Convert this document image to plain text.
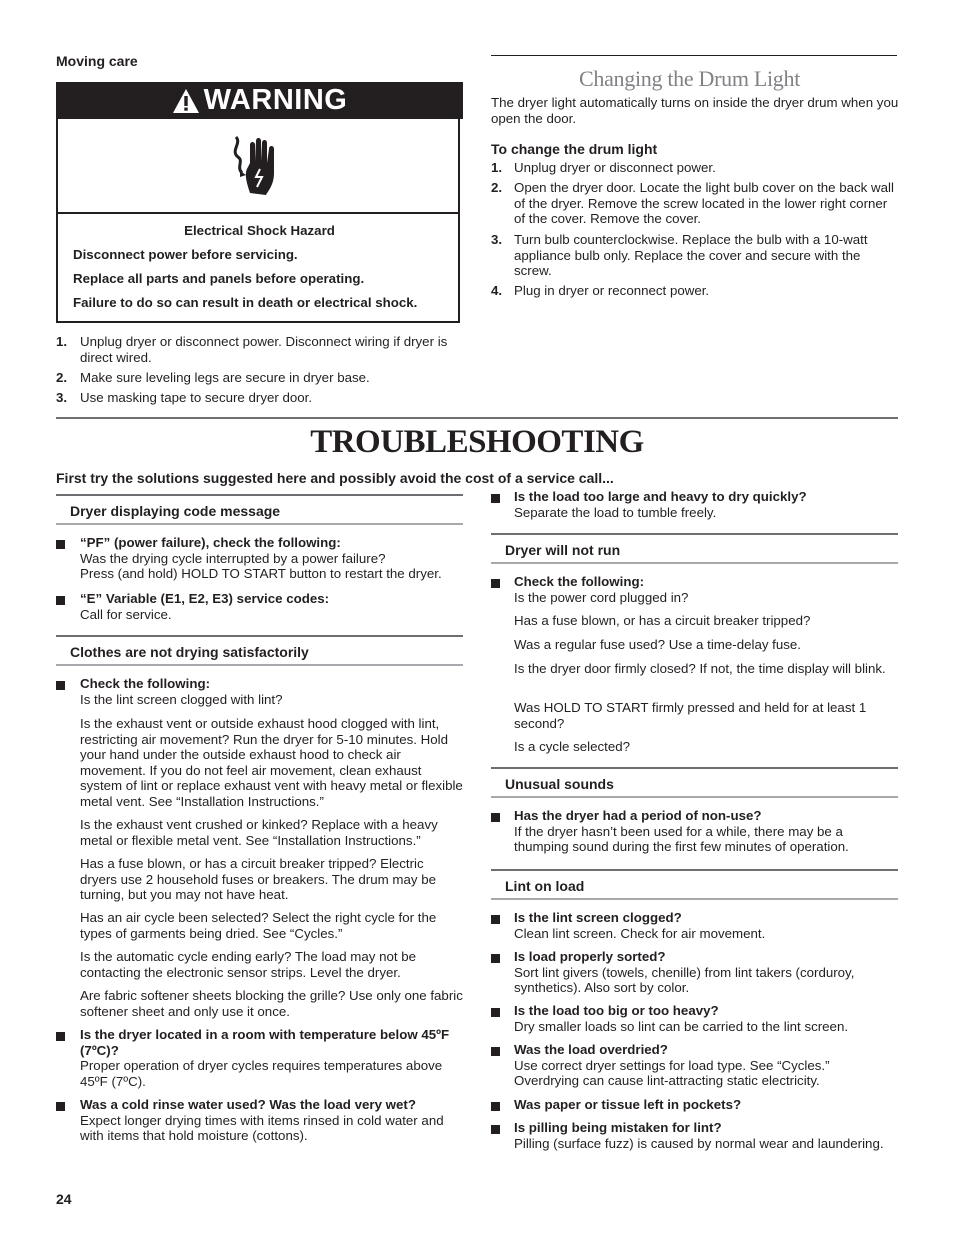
Moving care
WARNING
Electrical Shock Hazard
Disconnect power before servicing.
Replace all parts and panels before operating.
Failure to do so can result in death or electrical shock.
1. Unplug dryer or disconnect power. Disconnect wiring if dryer is direct wired.
2. Make sure leveling legs are secure in dryer base.
3. Use masking tape to secure dryer door.
Changing the Drum Light
The dryer light automatically turns on inside the dryer drum when you open the door.
To change the drum light
1. Unplug dryer or disconnect power.
2. Open the dryer door. Locate the light bulb cover on the back wall of the dryer. Remove the screw located in the lower right corner of the cover. Remove the cover.
3. Turn bulb counterclockwise. Replace the bulb with a 10-watt appliance bulb only. Replace the cover and secure with the screw.
4. Plug in dryer or reconnect power.
TROUBLESHOOTING
First try the solutions suggested here and possibly avoid the cost of a service call...
Dryer displaying code message

“PF” (power failure), check the following:

Was the drying cycle interrupted by a power failure?

Press (and hold) HOLD TO START button to restart the dryer.

“E” Variable (E1, E2, E3) service codes:

Call for service.

Clothes are not drying satisfactorily

Check the following:

Is the lint screen clogged with lint?

Is the exhaust vent or outside exhaust hood clogged with lint, restricting air movement? Run the dryer for 5-10 minutes. Hold your hand under the outside exhaust hood to check air movement. If you do not feel air movement, clean exhaust system of lint or replace exhaust vent with heavy metal or flexible metal vent. See “Installation Instructions.”
Is the exhaust vent crushed or kinked? Replace with a heavy metal or flexible metal vent. See “Installation Instructions.”
Has a fuse blown, or has a circuit breaker tripped? Electric dryers use 2 household fuses or breakers. The drum may be turning, but you may not have heat.
Has an air cycle been selected? Select the right cycle for the types of garments being dried. See “Cycles.”
Is the automatic cycle ending early? The load may not be contacting the electronic sensor strips. Level the dryer.
Are fabric softener sheets blocking the grille? Use only one fabric softener sheet and only use it once.

Is the dryer located in a room with temperature below 45ºF (7ºC)?

Proper operation of dryer cycles requires temperatures above 45ºF (7ºC).

Was a cold rinse water used? Was the load very wet?

Expect longer drying times with items rinsed in cold water and with items that hold moisture (cottons).

Is the load too large and heavy to dry quickly?

Separate the load to tumble freely.

Dryer will not run

Check the following:

Is the power cord plugged in?

Has a fuse blown, or has a circuit breaker tripped?
Was a regular fuse used? Use a time-delay fuse.
Is the dryer door firmly closed? If not, the time display will blink.
Was HOLD TO START firmly pressed and held for at least 1 second?
Is a cycle selected?
Unusual sounds

Has the dryer had a period of non-use?

If the dryer hasn’t been used for a while, there may be a thumping sound during the first few minutes of operation.

Lint on load

Is the lint screen clogged?

Clean lint screen. Check for air movement.

Is load properly sorted?

Sort lint givers (towels, chenille) from lint takers (corduroy, synthetics). Also sort by color.

Is the load too big or too heavy?

Dry smaller loads so lint can be carried to the lint screen.

Was the load overdried?

Use correct dryer settings for load type. See “Cycles.” Overdrying can cause lint-attracting static electricity.

Was paper or tissue left in pockets?

Is pilling being mistaken for lint?

Pilling (surface fuzz) is caused by normal wear and laundering.

24
